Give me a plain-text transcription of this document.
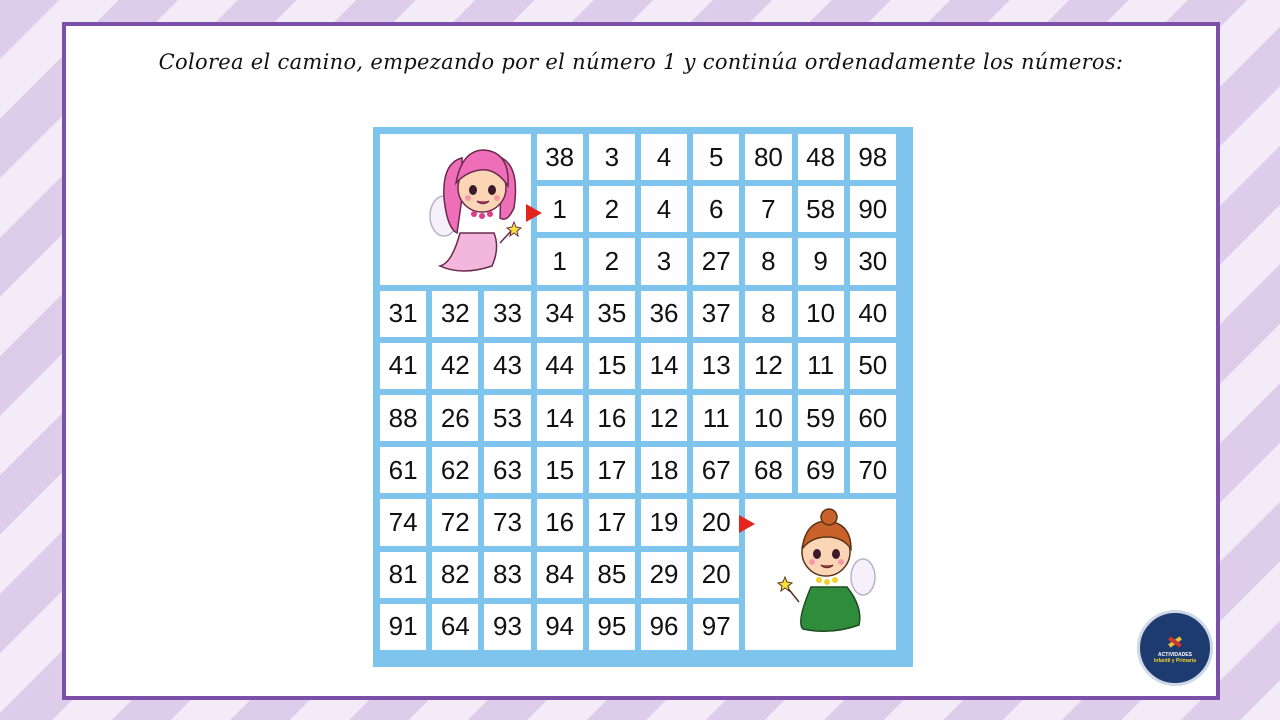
Colorea el camino, empezando por el número 1 y continúa ordenadamente los números:
38	3	4	5	80 48 98
1	2	4	6	7	58 90
1	2	3	27	8	9	30
31 32 33 34 35 36 37	8	10 40
41 42 43 44 15 14 13 12 11 50
88 26 53 14 16 12 11 10 59 60
61 62 63 15 17 18 67 68 69 70
74 72 73 16 17 19 20
81 82 83 84 85 29 20
91 64 93 94 95 96 97
ACTIVIDADES
Infantil y Primaria
